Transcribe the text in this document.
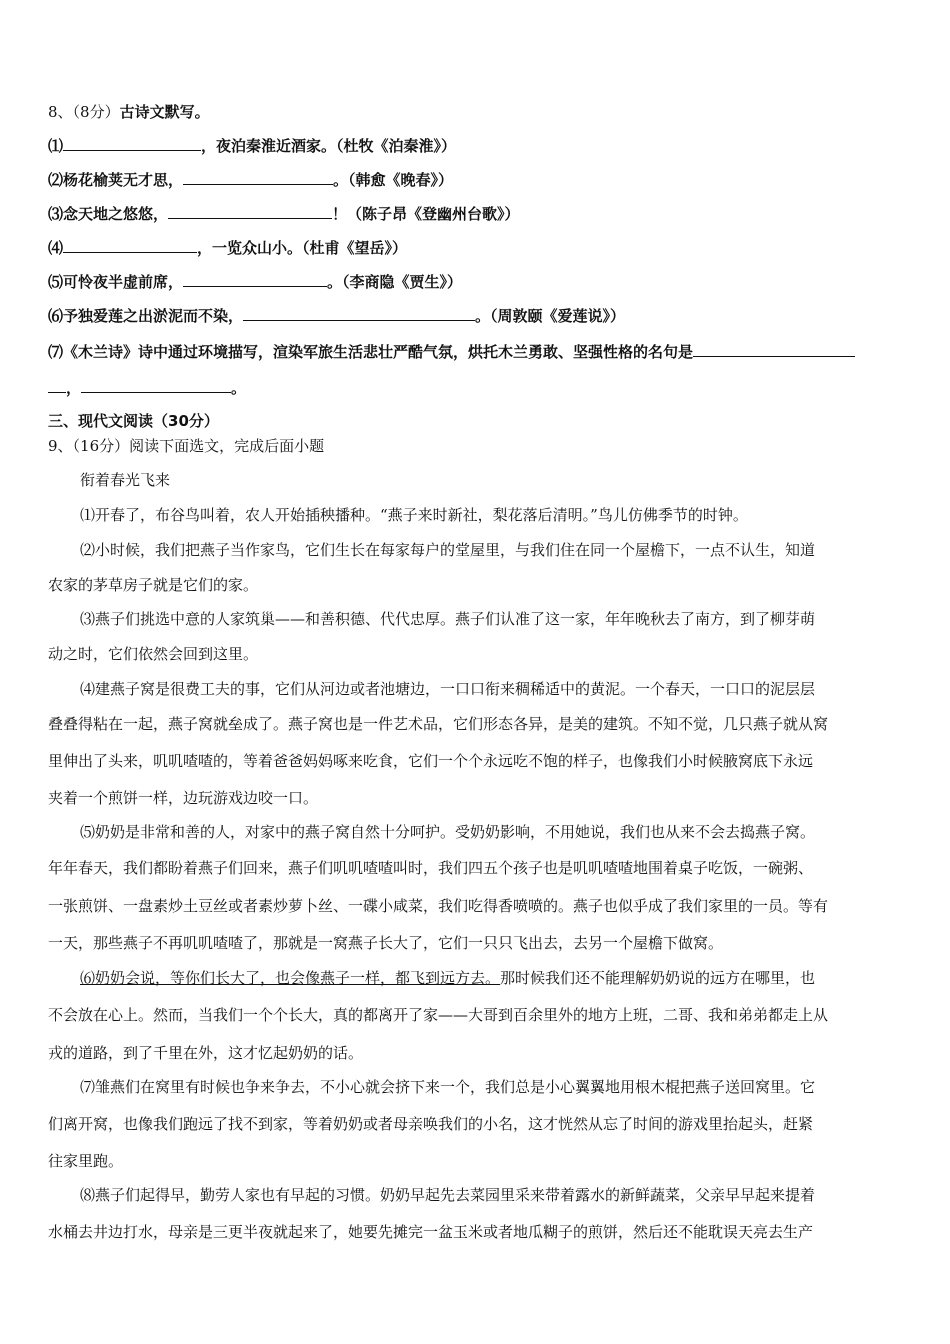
8、（8分）古诗文默写。
⑴	，夜泊秦淮近酒家。（杜牧《泊秦淮》）
⑵杨花榆荚无才思，	。（韩愈《晚春》）
⑶念天地之悠悠，	！（陈子昂《登幽州台歌》）
⑷	，一览众山小。（杜甫《望岳》）
⑸可怜夜半虚前席，	。（李商隐《贾生》）
⑹予独爱莲之出淤泥而不染，	。（周敦颐《爱莲说》）
⑺《木兰诗》诗中通过环境描写，渲染军旅生活悲壮严酷气氛，烘托木兰勇敢、坚强性格的名句是
，	。
三、现代文阅读（30分）
9、（16分）阅读下面选文，完成后面小题
衔着春光飞来
⑴开春了，布谷鸟叫着，农人开始插秧播种。“燕子来时新社，梨花落后清明。”鸟儿仿佛季节的时钟。
⑵小时候，我们把燕子当作家鸟，它们生长在每家每户的堂屋里，与我们住在同一个屋檐下，一点不认生，知道
农家的茅草房子就是它们的家。
⑶燕子们挑选中意的人家筑巢——和善积德、代代忠厚。燕子们认准了这一家，年年晚秋去了南方，到了柳芽萌
动之时，它们依然会回到这里。
⑷建燕子窝是很费工夫的事，它们从河边或者池塘边，一口口衔来稠稀适中的黄泥。一个春天，一口口的泥层层
叠叠得粘在一起，燕子窝就垒成了。燕子窝也是一件艺术品，它们形态各异，是美的建筑。不知不觉，几只燕子就从窝
里伸出了头来，叽叽喳喳的，等着爸爸妈妈啄来吃食，它们一个个永远吃不饱的样子，也像我们小时候腋窝底下永远
夹着一个煎饼一样，边玩游戏边咬一口。
⑸奶奶是非常和善的人，对家中的燕子窝自然十分呵护。受奶奶影响，不用她说，我们也从来不会去捣燕子窝。
年年春天，我们都盼着燕子们回来，燕子们叽叽喳喳叫时，我们四五个孩子也是叽叽喳喳地围着桌子吃饭，一碗粥、
一张煎饼、一盘素炒土豆丝或者素炒萝卜丝、一碟小咸菜，我们吃得香喷喷的。燕子也似乎成了我们家里的一员。等有
一天，那些燕子不再叽叽喳喳了，那就是一窝燕子长大了，它们一只只飞出去，去另一个屋檐下做窝。
⑹奶奶会说，等你们长大了，也会像燕子一样，都飞到远方去。那时候我们还不能理解奶奶说的远方在哪里，也
不会放在心上。然而，当我们一个个长大，真的都离开了家——大哥到百余里外的地方上班，二哥、我和弟弟都走上从
戎的道路，到了千里在外，这才忆起奶奶的话。
⑺雏燕们在窝里有时候也争来争去，不小心就会挤下来一个，我们总是小心翼翼地用根木棍把燕子送回窝里。它
们离开窝，也像我们跑远了找不到家，等着奶奶或者母亲唤我们的小名，这才恍然从忘了时间的游戏里抬起头，赶紧
往家里跑。
⑻燕子们起得早，勤劳人家也有早起的习惯。奶奶早起先去菜园里采来带着露水的新鲜蔬菜，父亲早早起来提着
水桶去井边打水，母亲是三更半夜就起来了，她要先摊完一盆玉米或者地瓜糊子的煎饼，然后还不能耽误天亮去生产
